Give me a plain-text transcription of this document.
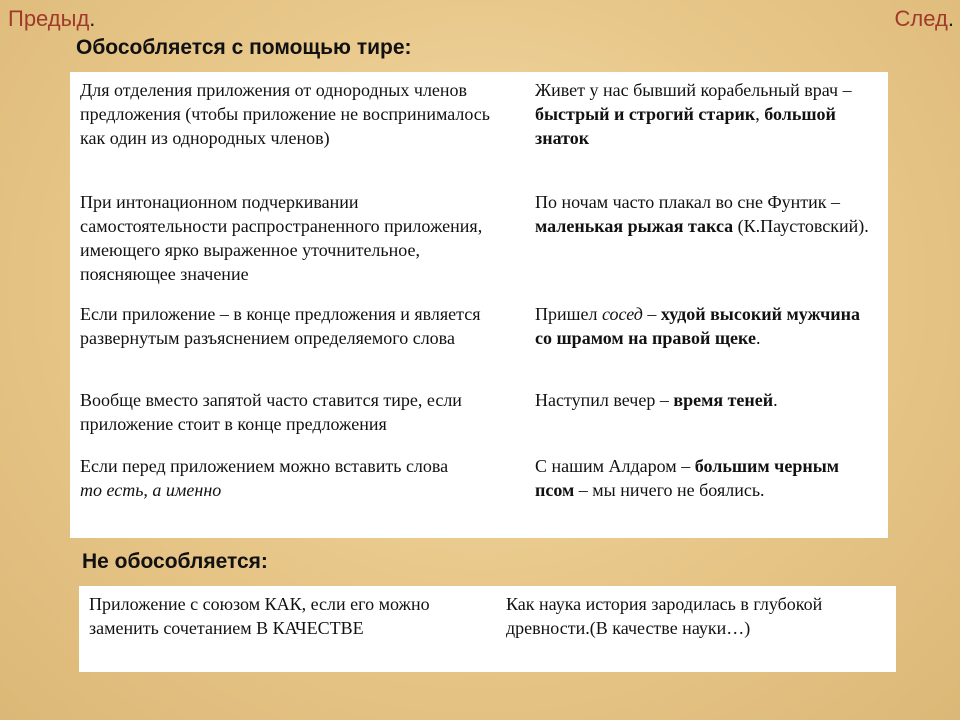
Предыд.	След.
Обособляется с помощью тире:
Для отделения приложения от однородных членов предложения (чтобы приложение не воспринималось как один из однородных членов)
Живет у нас бывший корабельный врач –быстрый и строгий старик, большой знаток
При интонационном подчеркивании самостоятельности распространенного приложения, имеющего ярко выраженное уточнительное, поясняющее значение
По ночам часто плакал во сне Фунтик –маленькая рыжая такса (К.Паустовский).
Если приложение – в конце предложения и является развернутым разъяснением определяемого слова
Пришел сосед – худой высокий мужчина со шрамом на правой щеке.
Вообще вместо запятой часто ставится тире, если приложение стоит в конце предложения
Наступил вечер – время теней.
Если перед приложением можно вставить слова
то есть, а именно
С нашим Алдаром – большим черным псом – мы ничего не боялись.
Не обособляется:
Приложение с союзом КАК, если его можно заменить сочетанием В КАЧЕСТВЕ
Как наука история зародилась в глубокой древности.(В качестве науки…)
